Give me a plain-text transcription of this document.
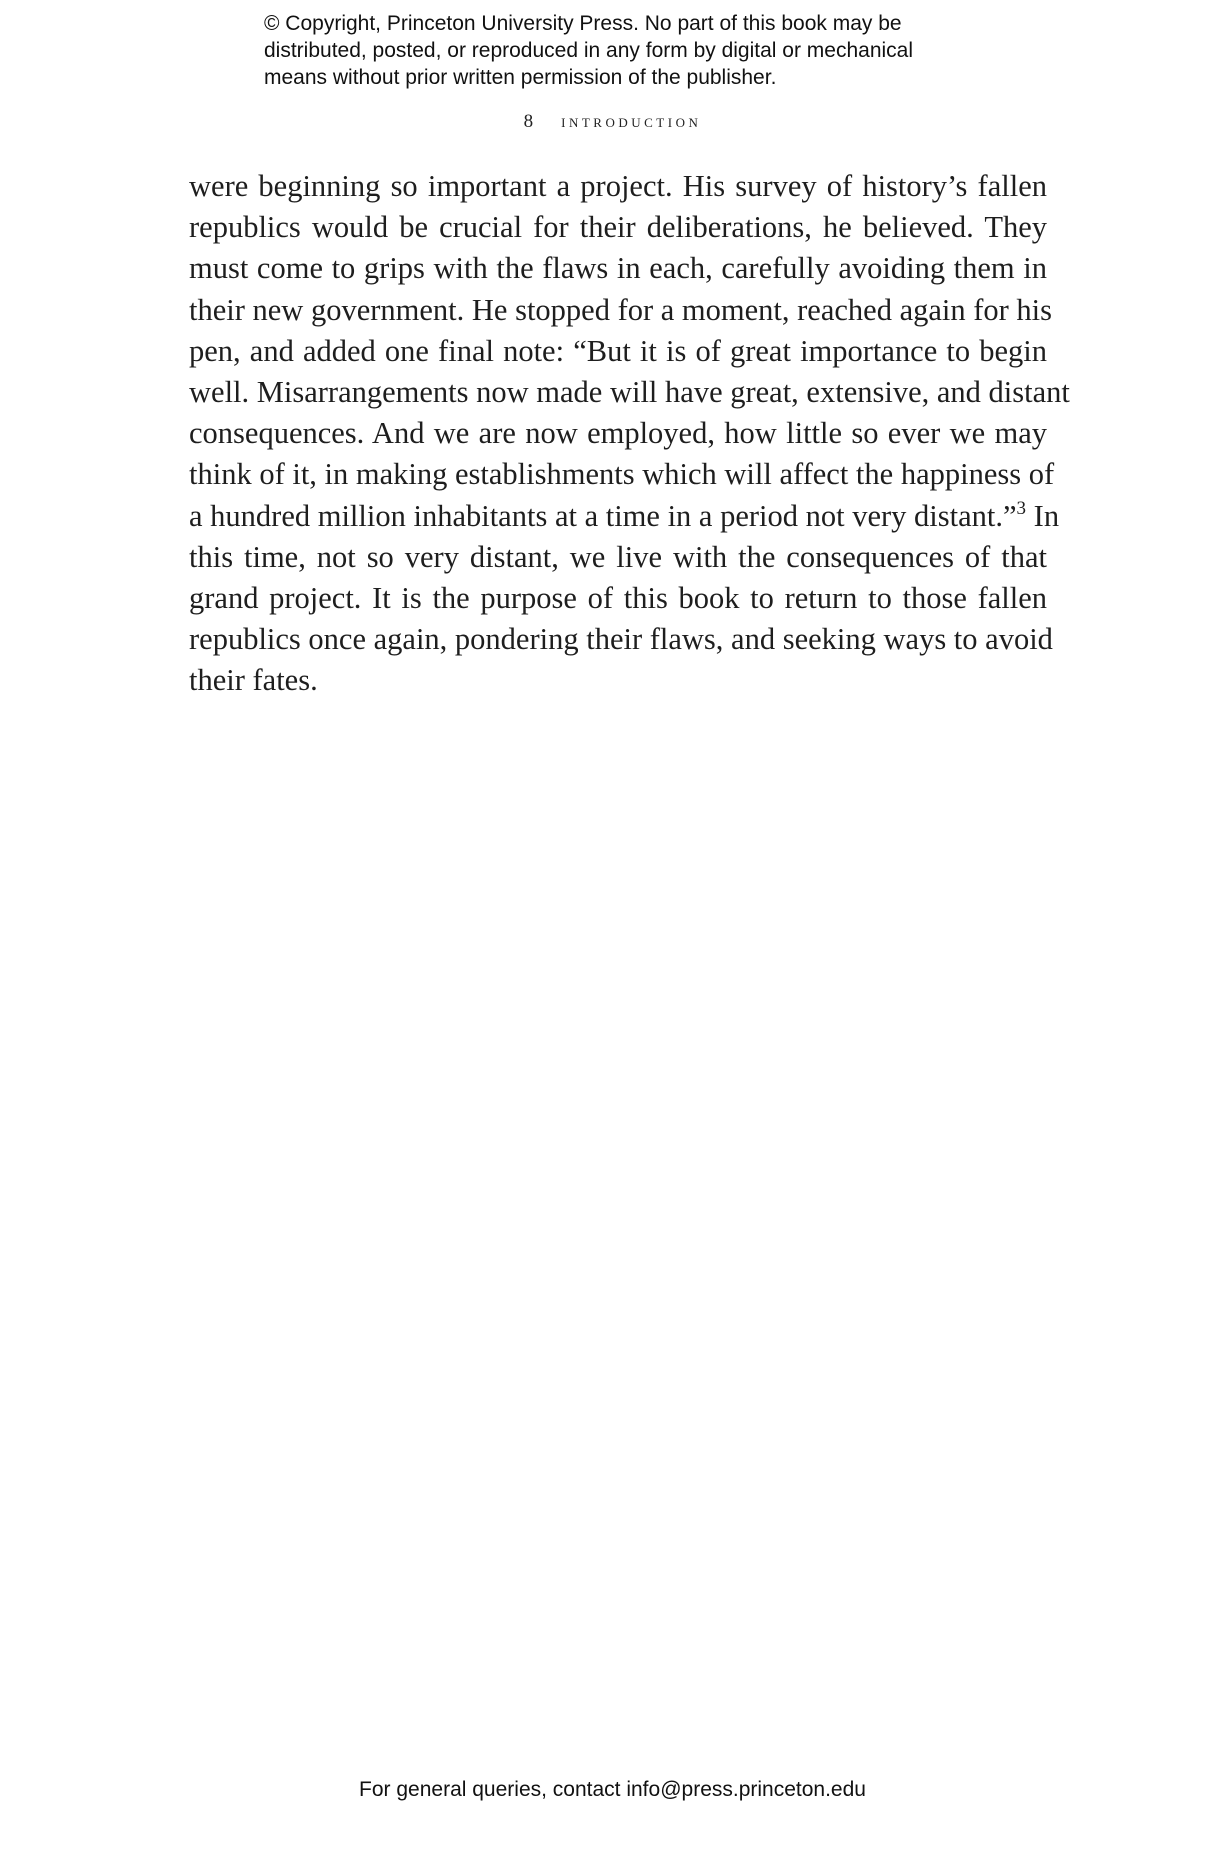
© Copyright, Princeton University Press. No part of this book may be
distributed, posted, or reproduced in any form by digital or mechanical
means without prior written permission of the publisher.
8 introduction
were beginning so important a project. His survey of history’s fallen
republics would be crucial for their deliberations, he believed. They
must come to grips with the flaws in each, carefully avoiding them in
their new government. He stopped for a moment, reached again for his
pen, and added one final note: “But it is of great importance to begin
well. Misarrangements now made will have great, extensive, and distant
consequences. And we are now employed, how little so ever we may
think of it, in making establishments which will affect the happiness of
a hundred million inhabitants at a time in a period not very distant.”$^3$ In
this time, not so very distant, we live with the consequences of that
grand project. It is the purpose of this book to return to those fallen
republics once again, pondering their flaws, and seeking ways to avoid
their fates.
For general queries, contact info@press.princeton.edu
